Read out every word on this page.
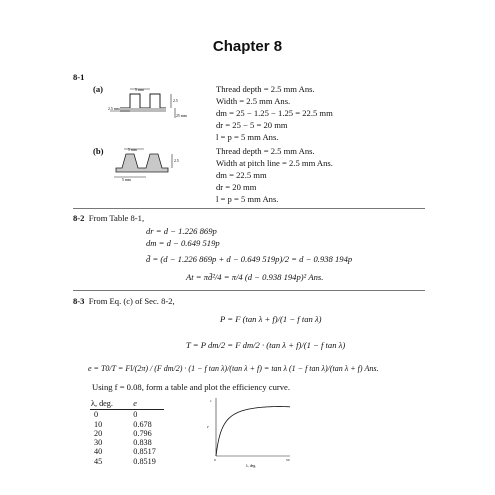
Chapter 8
8-1
(a)	5 mm
2.5 mm
2.5
25 mm
Thread depth = 2.5 mm Ans.
Width = 2.5 mm Ans.
dm = 25 − 1.25 − 1.25 = 22.5 mm
dr = 25 − 5 = 20 mm
l = p = 5 mm Ans.
(b)	5 mm
2.5
5 mm
Thread depth = 2.5 mm Ans.
Width at pitch line = 2.5 mm Ans.
dm = 22.5 mm
dr = 20 mm
l = p = 5 mm Ans.
8-2 From Table 8-1,
dr = d − 1.226 869p
dm = d − 0.649 519p
d̄ = (d − 1.226 869p + d − 0.649 519p)/2 = d − 0.938 194p
At = πd̄²/4 = π/4 (d − 0.938 194p)² Ans.
8-3 From Eq. (c) of Sec. 8-2,
P = F (tan λ + f)/(1 − f tan λ)
T = P dm/2 = F dm/2 · (tan λ + f)/(1 − f tan λ)
e = T0/T = Fl/(2π) / (F dm/2) · (1 − f tan λ)/(tan λ + f) = tan λ (1 − f tan λ)/(tan λ + f) Ans.
Using f = 0.08, form a table and plot the efficiency curve.
λ, deg.	e
0	0
10	0.678
20	0.796
30	0.838
40	0.8517
45	0.8519
1
0	50
e
λ, deg.
